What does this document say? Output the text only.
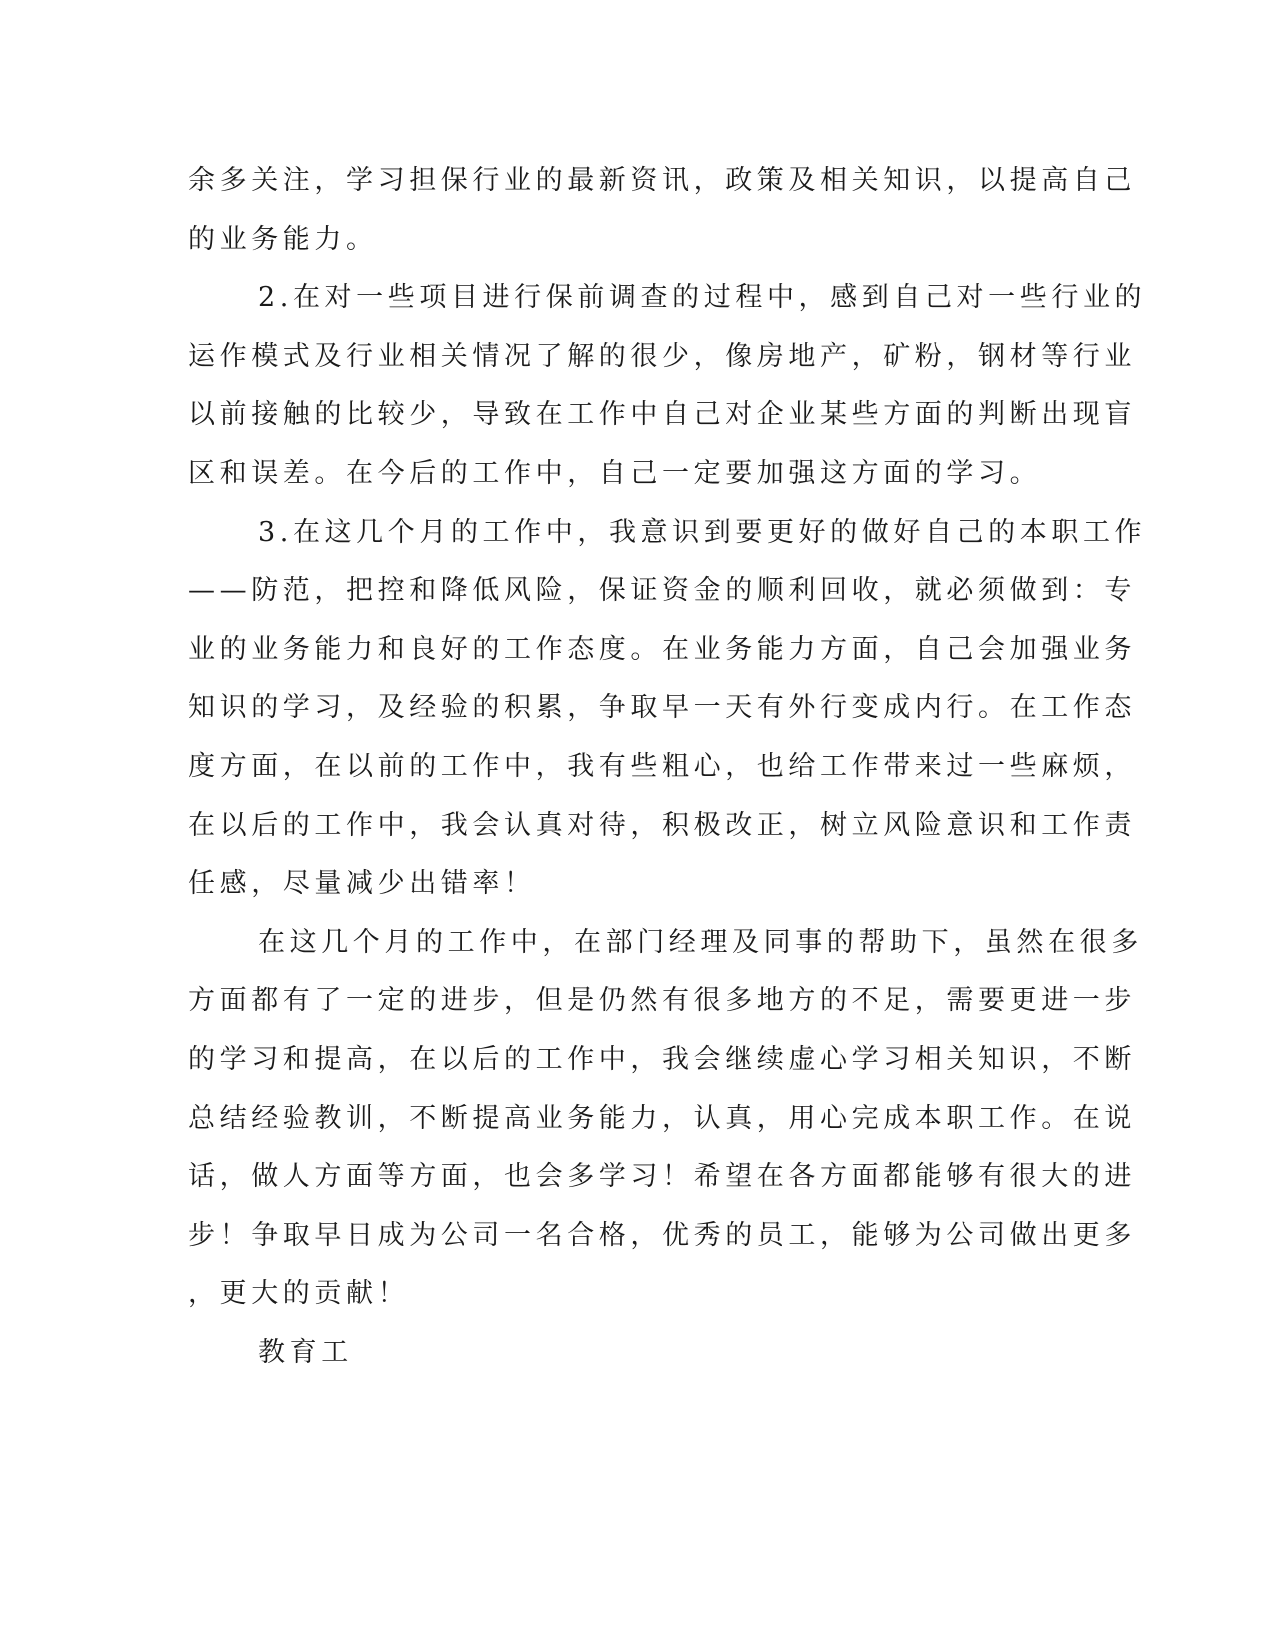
余多关注，学习担保行业的最新资讯，政策及相关知识，以提高自己

的业务能力。

2.在对一些项目进行保前调查的过程中，感到自己对一些行业的

运作模式及行业相关情况了解的很少，像房地产，矿粉，钢材等行业

以前接触的比较少，导致在工作中自己对企业某些方面的判断出现盲

区和误差。在今后的工作中，自己一定要加强这方面的学习。

3.在这几个月的工作中，我意识到要更好的做好自己的本职工作

——防范，把控和降低风险，保证资金的顺利回收，就必须做到：专

业的业务能力和良好的工作态度。在业务能力方面，自己会加强业务

知识的学习，及经验的积累，争取早一天有外行变成内行。在工作态

度方面，在以前的工作中，我有些粗心，也给工作带来过一些麻烦，

在以后的工作中，我会认真对待，积极改正，树立风险意识和工作责

任感，尽量减少出错率！

在这几个月的工作中，在部门经理及同事的帮助下，虽然在很多

方面都有了一定的进步，但是仍然有很多地方的不足，需要更进一步

的学习和提高，在以后的工作中，我会继续虚心学习相关知识，不断

总结经验教训，不断提高业务能力，认真，用心完成本职工作。在说

话，做人方面等方面，也会多学习！希望在各方面都能够有很大的进

步！争取早日成为公司一名合格，优秀的员工，能够为公司做出更多

，更大的贡献！

教育工
